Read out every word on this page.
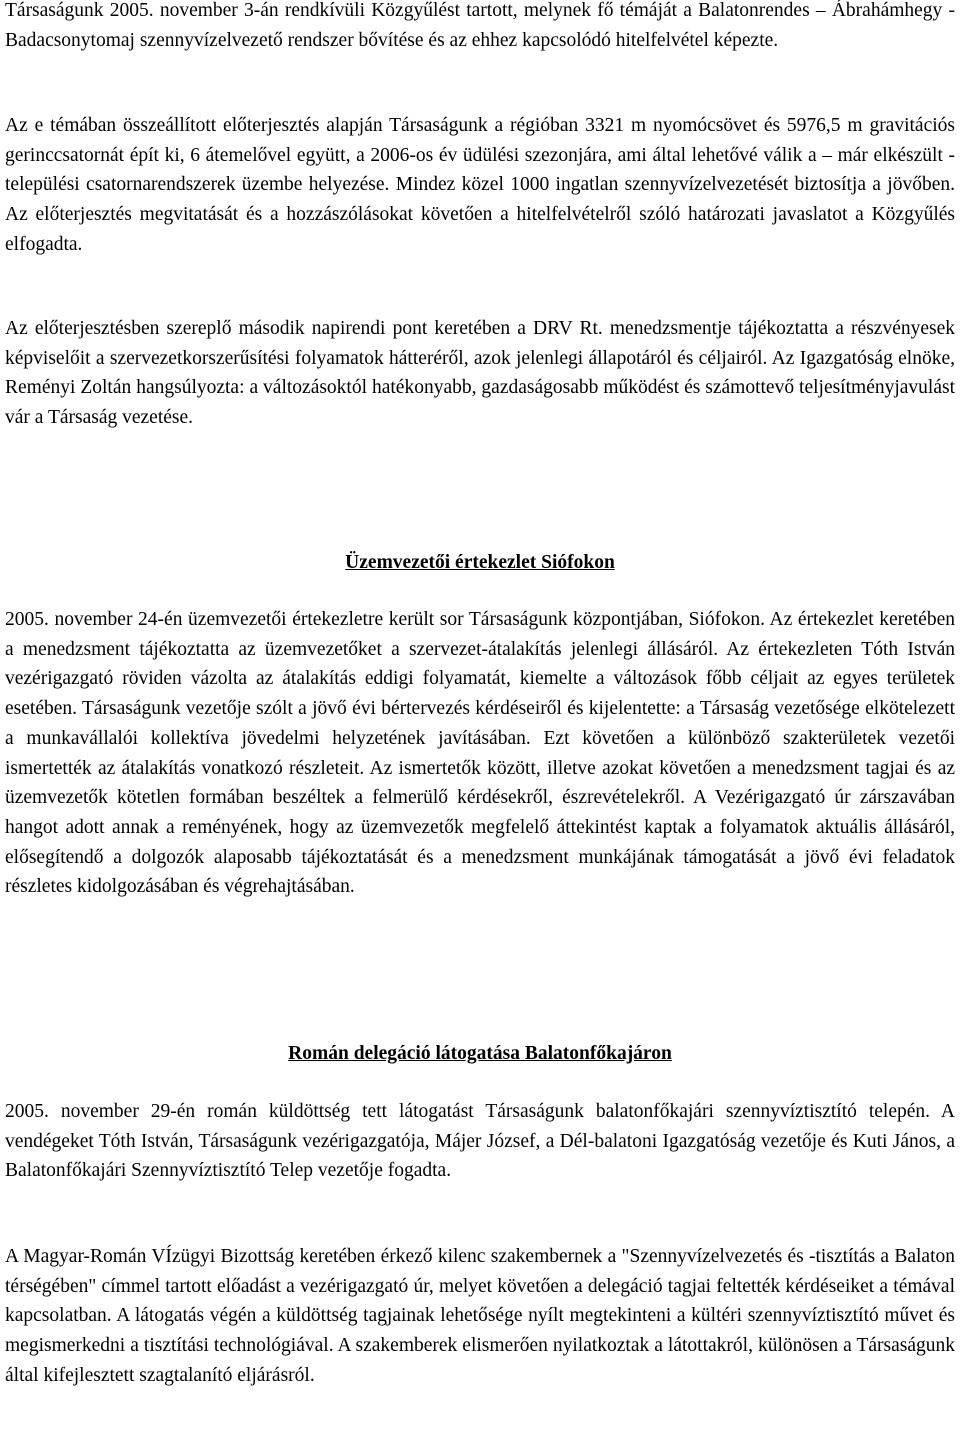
Társaságunk 2005. november 3-án rendkívüli Közgyűlést tartott, melynek fő témáját a Balatonrendes – Ábrahámhegy - Badacsonytomaj szennyvízelvezető rendszer bővítése és az ehhez kapcsolódó hitelfelvétel képezte.

Az e témában összeállított előterjesztés alapján Társaságunk a régióban 3321 m nyomócsövet és 5976,5 m gravitációs gerinccsatornát épít ki, 6 átemelővel együtt, a 2006-os év üdülési szezonjára, ami által lehetővé válik a – már elkészült - települési csatornarendszerek üzembe helyezése. Mindez közel 1000 ingatlan szennyvízelvezetését biztosítja a jövőben. Az előterjesztés megvitatását és a hozzászólásokat követően a hitelfelvételről szóló határozati javaslatot a Közgyűlés elfogadta.

Az előterjesztésben szereplő második napirendi pont keretében a DRV Rt. menedzsmentje tájékoztatta a részvényesek képviselőit a szervezetkorszerűsítési folyamatok hátteréről, azok jelenlegi állapotáról és céljairól. Az Igazgatóság elnöke, Reményi Zoltán hangsúlyozta: a változásoktól hatékonyabb, gazdaságosabb működést és számottevő teljesítményjavulást vár a Társaság vezetése.

Üzemvezetői értekezlet Siófokon

2005. november 24-én üzemvezetői értekezletre került sor Társaságunk központjában, Siófokon. Az értekezlet keretében a menedzsment tájékoztatta az üzemvezetőket a szervezet-átalakítás jelenlegi állásáról. Az értekezleten Tóth István vezérigazgató röviden vázolta az átalakítás eddigi folyamatát, kiemelte a változások főbb céljait az egyes területek esetében. Társaságunk vezetője szólt a jövő évi bértervezés kérdéseiről és kijelentette: a Társaság vezetősége elkötelezett a munkavállalói kollektíva jövedelmi helyzetének javításában. Ezt követően a különböző szakterületek vezetői ismertették az átalakítás vonatkozó részleteit. Az ismertetők között, illetve azokat követően a menedzsment tagjai és az üzemvezetők kötetlen formában beszéltek a felmerülő kérdésekről, észrevételekről. A Vezérigazgató úr zárszavában hangot adott annak a reményének, hogy az üzemvezetők megfelelő áttekintést kaptak a folyamatok aktuális állásáról, elősegítendő a dolgozók alaposabb tájékoztatását és a menedzsment munkájának támogatását a jövő évi feladatok részletes kidolgozásában és végrehajtásában.

Román delegáció látogatása Balatonfőkajáron

2005. november 29-én román küldöttség tett látogatást Társaságunk balatonfőkajári szennyvíztisztító telepén. A vendégeket Tóth István, Társaságunk vezérigazgatója, Májer József, a Dél-balatoni Igazgatóság vezetője és Kuti János, a Balatonfőkajári Szennyvíztisztító Telep vezetője fogadta.

A Magyar-Román VÍzügyi Bizottság keretében érkező kilenc szakembernek a "Szennyvízelvezetés és -tisztítás a Balaton térségében" címmel tartott előadást a vezérigazgató úr, melyet követően a delegáció tagjai feltették kérdéseiket a témával kapcsolatban. A látogatás végén a küldöttség tagjainak lehetősége nyílt megtekinteni a kültéri szennyvíztisztító művet és megismerkedni a tisztítási technológiával. A szakemberek elismerően nyilatkoztak a látottakról, különösen a Társaságunk által kifejlesztett szagtalanító eljárásról.
